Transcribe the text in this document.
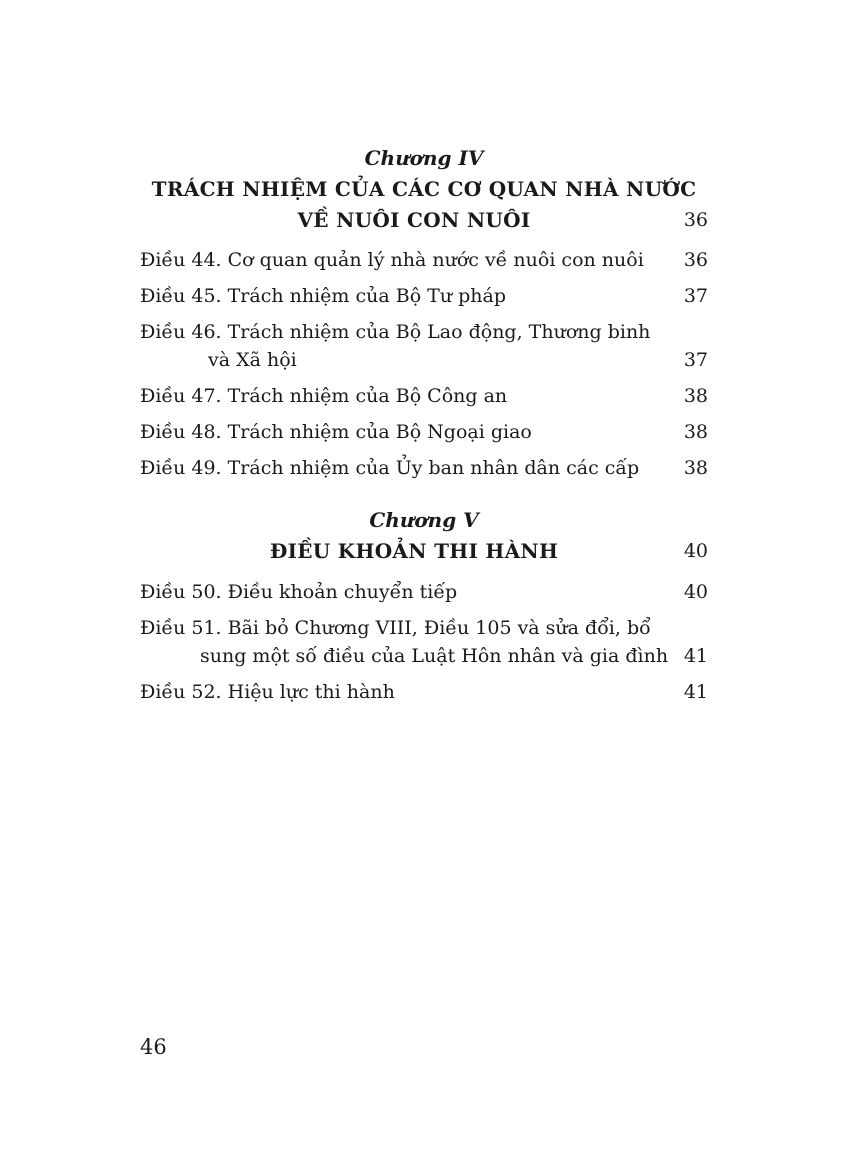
Chương IV
TRÁCH NHIỆM CỦA CÁC CƠ QUAN NHÀ NƯỚC
VỀ NUÔI CON NUÔI	36
Điều 44. Cơ quan quản lý nhà nước về nuôi con nuôi	36
Điều 45. Trách nhiệm của Bộ Tư pháp	37
Điều 46. Trách nhiệm của Bộ Lao động, Thương binh
và Xã hội	37
Điều 47. Trách nhiệm của Bộ Công an	38
Điều 48. Trách nhiệm của Bộ Ngoại giao	38
Điều 49. Trách nhiệm của Ủy ban nhân dân các cấp	38
Chương V
ĐIỀU KHOẢN THI HÀNH	40
Điều 50. Điều khoản chuyển tiếp	40
Điều 51. Bãi bỏ Chương VIII, Điều 105 và sửa đổi, bổ
sung một số điều của Luật Hôn nhân và gia đình 41
Điều 52. Hiệu lực thi hành	41
46
